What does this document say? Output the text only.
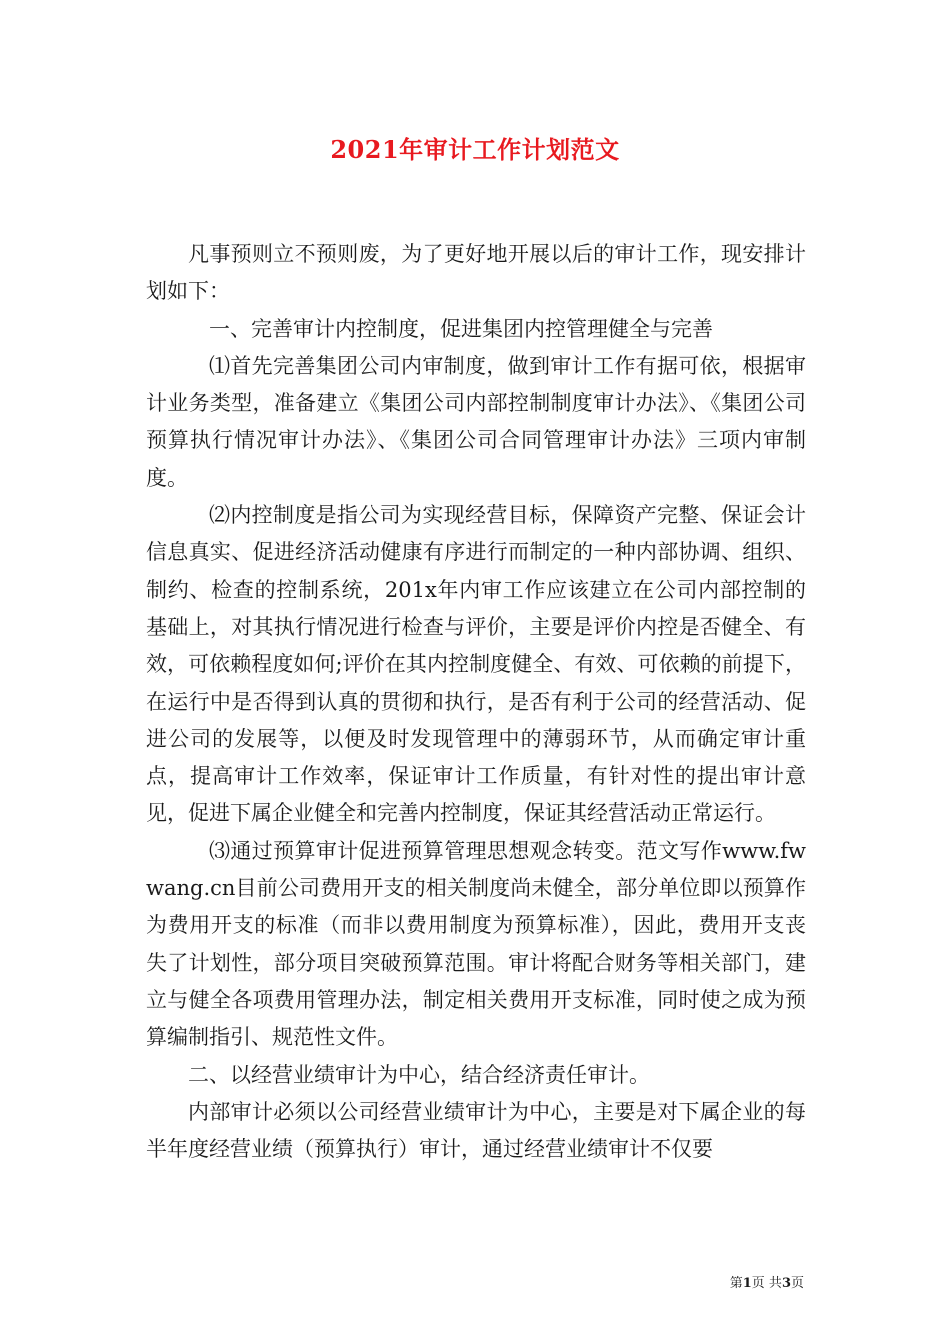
2021年审计工作计划范文

凡事预则立不预则废，为了更好地开展以后的审计工作，现安排计划如下：

一、完善审计内控制度，促进集团内控管理健全与完善

⑴首先完善集团公司内审制度，做到审计工作有据可依，根据审计业务类型，准备建立《集团公司内部控制制度审计办法》、《集团公司预算执行情况审计办法》、《集团公司合同管理审计办法》三项内审制度。

⑵内控制度是指公司为实现经营目标，保障资产完整、保证会计信息真实、促进经济活动健康有序进行而制定的一种内部协调、组织、制约、检查的控制系统，201x年内审工作应该建立在公司内部控制的基础上，对其执行情况进行检查与评价，主要是评价内控是否健全、有效，可依赖程度如何;评价在其内控制度健全、有效、可依赖的前提下，在运行中是否得到认真的贯彻和执行，是否有利于公司的经营活动、促进公司的发展等，以便及时发现管理中的薄弱环节，从而确定审计重点，提高审计工作效率，保证审计工作质量，有针对性的提出审计意见，促进下属企业健全和完善内控制度，保证其经营活动正常运行。

⑶通过预算审计促进预算管理思想观念转变。范文写作www.fwwang.cn目前公司费用开支的相关制度尚未健全，部分单位即以预算作为费用开支的标准（而非以费用制度为预算标准），因此，费用开支丧失了计划性，部分项目突破预算范围。审计将配合财务等相关部门，建立与健全各项费用管理办法，制定相关费用开支标准，同时使之成为预算编制指引、规范性文件。

二、以经营业绩审计为中心，结合经济责任审计。

内部审计必须以公司经营业绩审计为中心，主要是对下属企业的每半年度经营业绩（预算执行）审计，通过经营业绩审计不仅要

第1页 共3页
